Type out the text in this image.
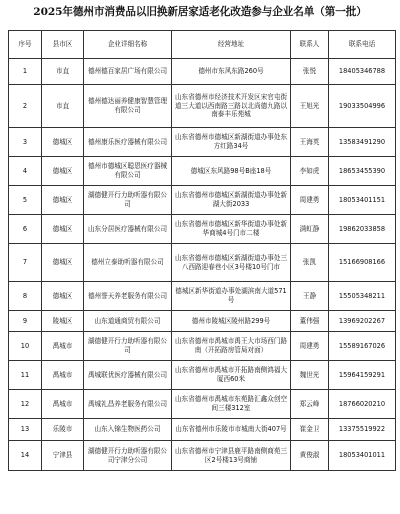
2025年德州市消费品以旧换新居家适老化改造参与企业名单（第一批）
序号	县市区	企业详细名称	经营地址	联系人	联系电话
1	市直	德州德百家居广场有限公司	德州市东风东路260号	张悦	18405346788
2	市直	德州德达丽养健康智慧管理有限公司	山东省德州市经济技术开发区宋官屯街道三大道以西南路三路以北尚德九路以南泰丰乐苑城	王旭光	19033504996
3	德城区	德州康乐医疗器械有限公司	山东省德州市德城区新湖街道办事处东方红路34号	王海英	13583491290
4	德城区	德州市德城区聪恩医疗器械有限公司	德城区东风路98号B座18号	李如虎	18653455390
5	德城区	湖德健开行力助听器有限公司	山东省德州市德城区新湖街道办事处新湖大街2033	周建勇	18053401151
6	德城区	山东分居医疗器械有限公司	山东省德州市德城区新华街道办事处新华商城4号门市二楼	满虹静	19862033858
7	德城区	德州立泰助听器有限公司	山东省德州市德城区新湖街道办事处三八西路迎春巷小区3号楼10号门市	张凯	15166908166
8	德城区	德州誉天养老服务有限公司	德城区新华街道办事处湖滨南大道571号	王静	15505348211
9	陵城区	山东道通商贸有限公司	德州市陵城区陵州路299号	董伟强	13969202267
10	禹城市	湖德健开行力助听器有限公司	山东省德州市禹城市禹王大市场西门路南（开拓路房管局对面）	周建勇	15589167026
11	禹城市	禹城联优医疗器械有限公司	山东省德州市禹城市开拓路南侧鸿福大厦西60米	魏世光	15964159291
12	禹城市	禹城礼昌养老服务有限公司	山东省德州市禹城市东苑路汇鑫众创空间三楼312室	郑云峰	18766020210
13	乐陵市	山东入锦生物医药公司	山东省德州市乐陵市市城南大街407号	崔金卫	13375519922
14	宁津县	湖德健开行力助听器有限公司宁津分公司	山东省德州市宁津县鹿平路南侧商苑三区2号楼13号商铺	黄俊淑	18053401011
